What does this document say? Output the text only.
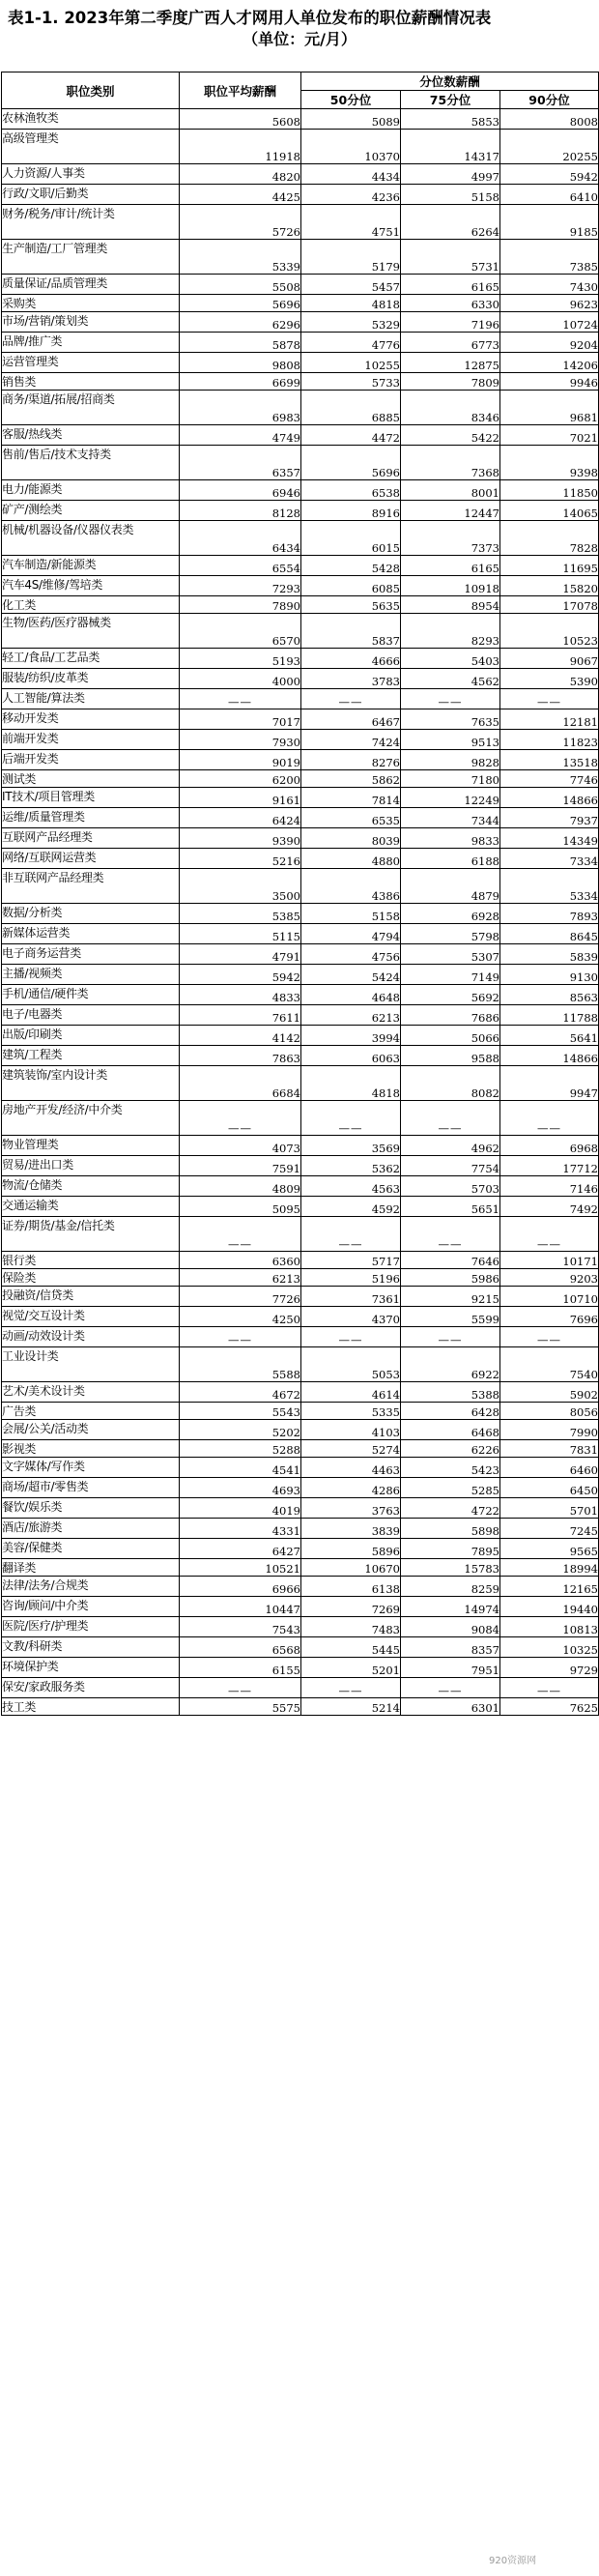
表1-1. 2023年第二季度广西人才网用人单位发布的职位薪酬情况表
（单位：元/月）
职位类别	职位平均薪酬	分位数薪酬		
		50分位	75分位	90分位
农林渔牧类	5608	5089	5853	8008
高级管理类	11918	10370	14317	20255
人力资源/人事类	4820	4434	4997	5942
行政/文职/后勤类	4425	4236	5158	6410
财务/税务/审计/统计类	5726	4751	6264	9185
生产制造/工厂管理类	5339	5179	5731	7385
质量保证/品质管理类	5508	5457	6165	7430
采购类	5696	4818	6330	9623
市场/营销/策划类	6296	5329	7196	10724
品牌/推广类	5878	4776	6773	9204
运营管理类	9808	10255	12875	14206
销售类	6699	5733	7809	9946
商务/渠道/拓展/招商类	6983	6885	8346	9681
客服/热线类	4749	4472	5422	7021
售前/售后/技术支持类	6357	5696	7368	9398
电力/能源类	6946	6538	8001	11850
矿产/测绘类	8128	8916	12447	14065
机械/机器设备/仪器仪表类	6434	6015	7373	7828
汽车制造/新能源类	6554	5428	6165	11695
汽车4S/维修/驾培类	7293	6085	10918	15820
化工类	7890	5635	8954	17078
生物/医药/医疗器械类	6570	5837	8293	10523
轻工/食品/工艺品类	5193	4666	5403	9067
服装/纺织/皮革类	4000	3783	4562	5390
人工智能/算法类	——	——	——	——
移动开发类	7017	6467	7635	12181
前端开发类	7930	7424	9513	11823
后端开发类	9019	8276	9828	13518
测试类	6200	5862	7180	7746
IT技术/项目管理类	9161	7814	12249	14866
运维/质量管理类	6424	6535	7344	7937
互联网产品经理类	9390	8039	9833	14349
网络/互联网运营类	5216	4880	6188	7334
非互联网产品经理类	3500	4386	4879	5334
数据/分析类	5385	5158	6928	7893
新媒体运营类	5115	4794	5798	8645
电子商务运营类	4791	4756	5307	5839
主播/视频类	5942	5424	7149	9130
手机/通信/硬件类	4833	4648	5692	8563
电子/电器类	7611	6213	7686	11788
出版/印刷类	4142	3994	5066	5641
建筑/工程类	7863	6063	9588	14866
建筑装饰/室内设计类	6684	4818	8082	9947
房地产开发/经济/中介类	——	——	——	——
物业管理类	4073	3569	4962	6968
贸易/进出口类	7591	5362	7754	17712
物流/仓储类	4809	4563	5703	7146
交通运输类	5095	4592	5651	7492
证券/期货/基金/信托类	——	——	——	——
银行类	6360	5717	7646	10171
保险类	6213	5196	5986	9203
投融资/信贷类	7726	7361	9215	10710
视觉/交互设计类	4250	4370	5599	7696
动画/动效设计类	——	——	——	——
工业设计类	5588	5053	6922	7540
艺术/美术设计类	4672	4614	5388	5902
广告类	5543	5335	6428	8056
会展/公关/活动类	5202	4103	6468	7990
影视类	5288	5274	6226	7831
文字媒体/写作类	4541	4463	5423	6460
商场/超市/零售类	4693	4286	5285	6450
餐饮/娱乐类	4019	3763	4722	5701
酒店/旅游类	4331	3839	5898	7245
美容/保健类	6427	5896	7895	9565
翻译类	10521	10670	15783	18994
法律/法务/合规类	6966	6138	8259	12165
咨询/顾问/中介类	10447	7269	14974	19440
医院/医疗/护理类	7543	7483	9084	10813
文教/科研类	6568	5445	8357	10325
环境保护类	6155	5201	7951	9729
保安/家政服务类	——	——	——	——
技工类	5575	5214	6301	7625
920资源网
